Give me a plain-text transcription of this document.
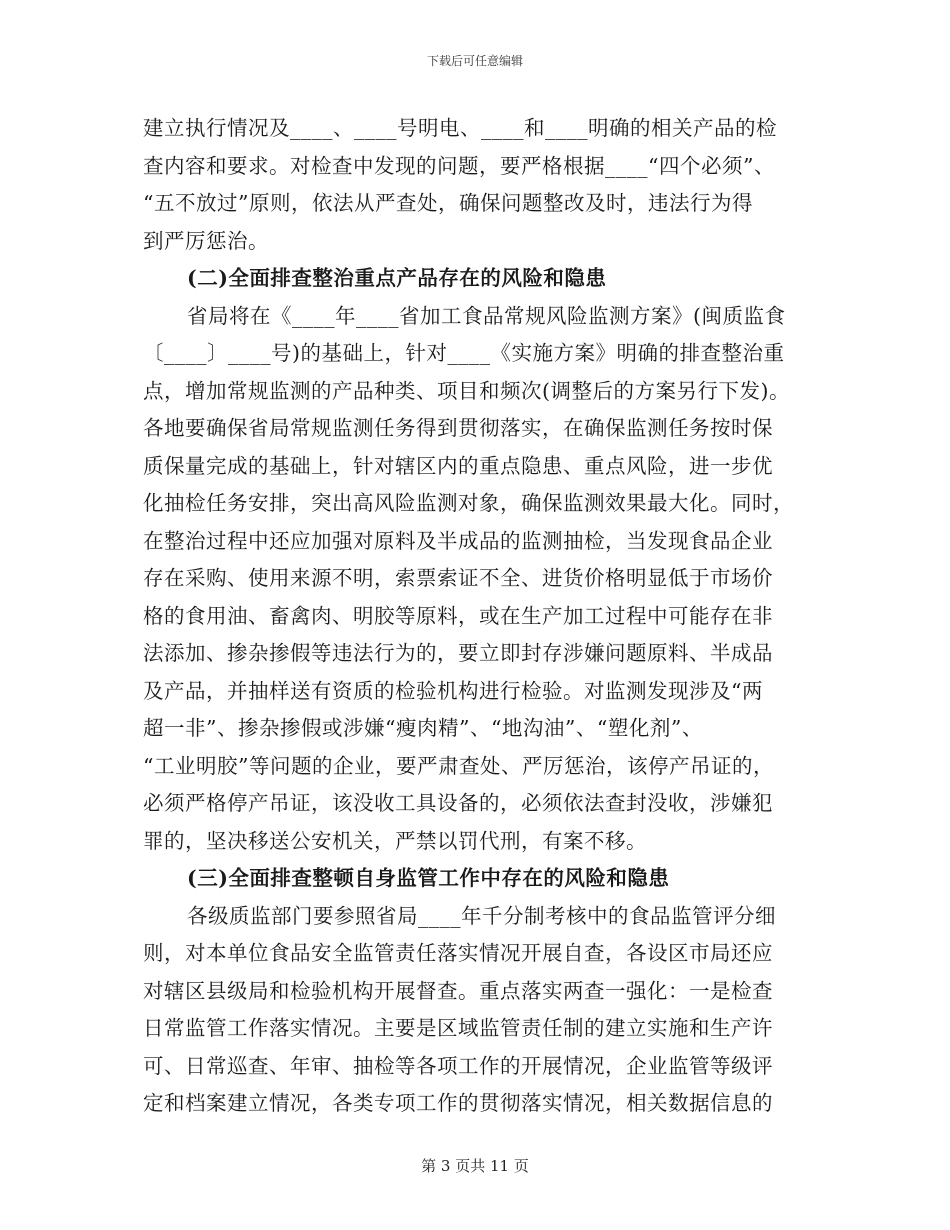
下载后可任意编辑
建立执行情况及____、____号明电、____和____明确的相关产品的检
查内容和要求。对检查中发现的问题，要严格根据____“四个必须”、
“五不放过”原则，依法从严查处，确保问题整改及时，违法行为得
到严厉惩治。
(二)全面排查整治重点产品存在的风险和隐患
省局将在《____年____省加工食品常规风险监测方案》(闽质监食
〔____〕____号)的基础上，针对____《实施方案》明确的排查整治重
点，增加常规监测的产品种类、项目和频次(调整后的方案另行下发)。
各地要确保省局常规监测任务得到贯彻落实，在确保监测任务按时保
质保量完成的基础上，针对辖区内的重点隐患、重点风险，进一步优
化抽检任务安排，突出高风险监测对象，确保监测效果最大化。同时，
在整治过程中还应加强对原料及半成品的监测抽检，当发现食品企业
存在采购、使用来源不明，索票索证不全、进货价格明显低于市场价
格的食用油、畜禽肉、明胶等原料，或在生产加工过程中可能存在非
法添加、掺杂掺假等违法行为的，要立即封存涉嫌问题原料、半成品
及产品，并抽样送有资质的检验机构进行检验。对监测发现涉及“两
超一非”、掺杂掺假或涉嫌“瘦肉精”、“地沟油”、“塑化剂”、
“工业明胶”等问题的企业，要严肃查处、严厉惩治，该停产吊证的，
必须严格停产吊证，该没收工具设备的，必须依法查封没收，涉嫌犯
罪的，坚决移送公安机关，严禁以罚代刑，有案不移。
(三)全面排查整顿自身监管工作中存在的风险和隐患
各级质监部门要参照省局____年千分制考核中的食品监管评分细
则，对本单位食品安全监管责任落实情况开展自查，各设区市局还应
对辖区县级局和检验机构开展督查。重点落实两查一强化：一是检查
日常监管工作落实情况。主要是区域监管责任制的建立实施和生产许
可、日常巡查、年审、抽检等各项工作的开展情况，企业监管等级评
定和档案建立情况，各类专项工作的贯彻落实情况，相关数据信息的
第 3 页共 11 页
